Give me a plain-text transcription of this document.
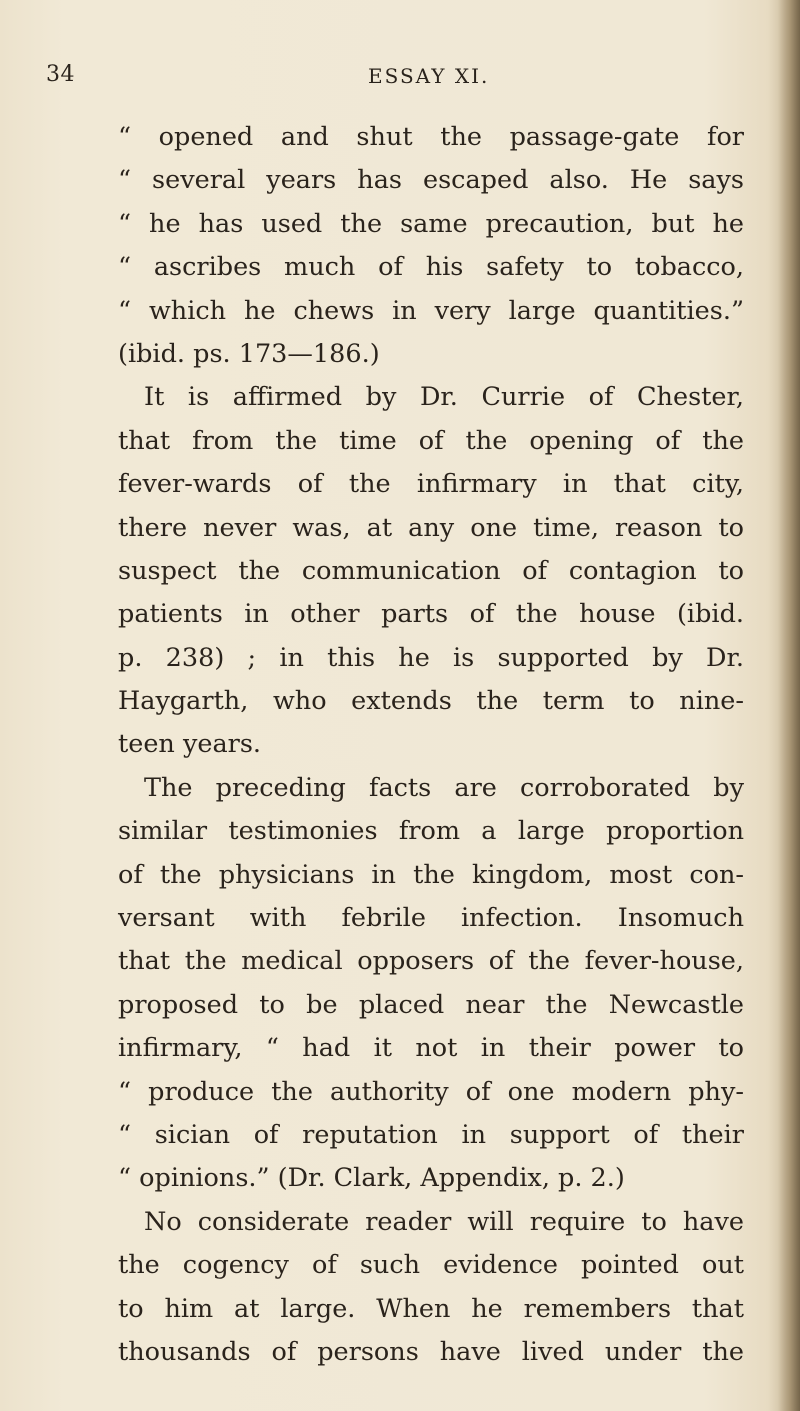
34	ESSAY XI.
“ opened and shut the passage-gate for
“ several years has escaped also. He says
“ he has used the same precaution, but he
“ ascribes much of his safety to tobacco,
“ which he chews in very large quantities.”
(ibid. ps. 173—186.)
It is affirmed by Dr. Currie of Chester,
that from the time of the opening of the
fever-wards of the infirmary in that city,
there never was, at any one time, reason to
suspect the communication of contagion to
patients in other parts of the house (ibid.
p. 238) ; in this he is supported by Dr.
Haygarth, who extends the term to nine-
teen years.
The preceding facts are corroborated by
similar testimonies from a large proportion
of the physicians in the kingdom, most con-
versant with febrile infection. Insomuch
that the medical opposers of the fever-house,
proposed to be placed near the Newcastle
infirmary, “ had it not in their power to
“ produce the authority of one modern phy-
“ sician of reputation in support of their
“ opinions.” (Dr. Clark, Appendix, p. 2.)
No considerate reader will require to have
the cogency of such evidence pointed out
to him at large. When he remembers that
thousands of persons have lived under the
